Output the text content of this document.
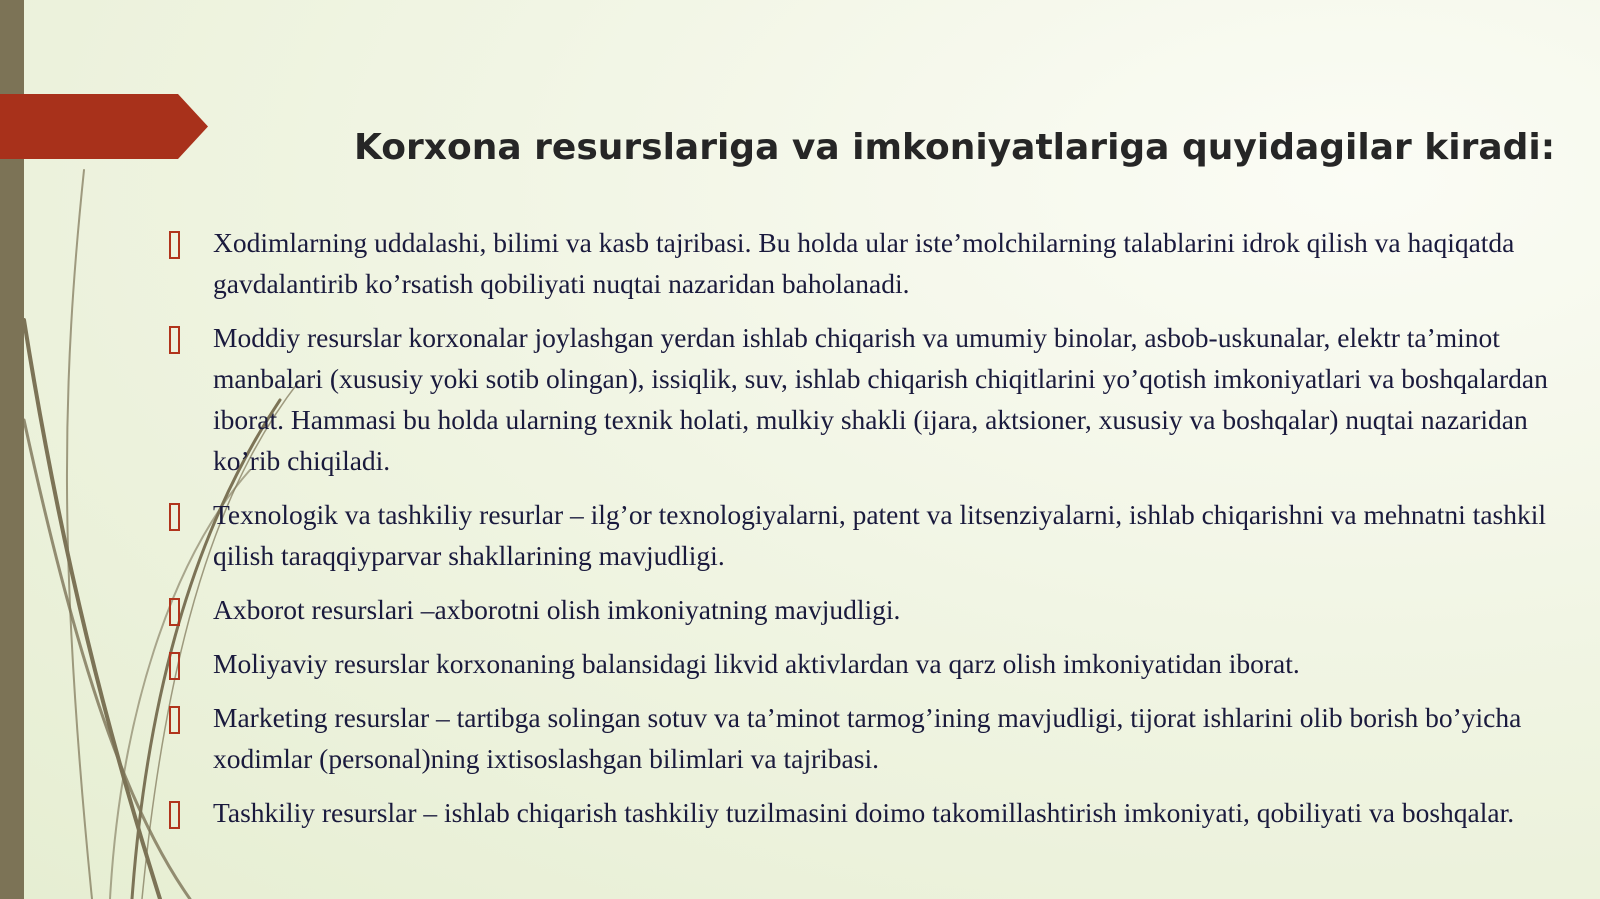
Korxona resurslariga va imkoniyatlariga quyidagilar kiradi:
Xodimlarning uddalashi, bilimi va kasb tajribasi. Bu holda ular iste’molchilarning talablarini idrok qilish va haqiqatda gavdalantirib ko’rsatish qobiliyati nuqtai nazaridan baholanadi.
Moddiy resurslar korxonalar joylashgan yerdan ishlab chiqarish va umumiy binolar, asbob-uskunalar, elektr ta’minot manbalari (xususiy yoki sotib olingan), issiqlik, suv, ishlab chiqarish chiqitlarini yo’qotish imkoniyatlari va boshqalardan iborat. Hammasi bu holda ularning texnik holati, mulkiy shakli (ijara, aktsioner, xususiy va boshqalar) nuqtai nazaridan ko’rib chiqiladi.
Texnologik va tashkiliy resurlar – ilg’or texnologiyalarni, patent va litsenziyalarni, ishlab chiqarishni va mehnatni tashkil qilish taraqqiyparvar shakllarining mavjudligi.
Axborot resurslari –axborotni olish imkoniyatning mavjudligi.
Moliyaviy resurslar korxonaning balansidagi likvid aktivlardan va qarz olish imkoniyatidan iborat.
Marketing resurslar – tartibga solingan sotuv va ta’minot tarmog’ining mavjudligi, tijorat ishlarini olib borish bo’yicha xodimlar (personal)ning ixtisoslashgan bilimlari va tajribasi.
Tashkiliy resurslar – ishlab chiqarish tashkiliy tuzilmasini doimo takomillashtirish imkoniyati, qobiliyati va boshqalar.
